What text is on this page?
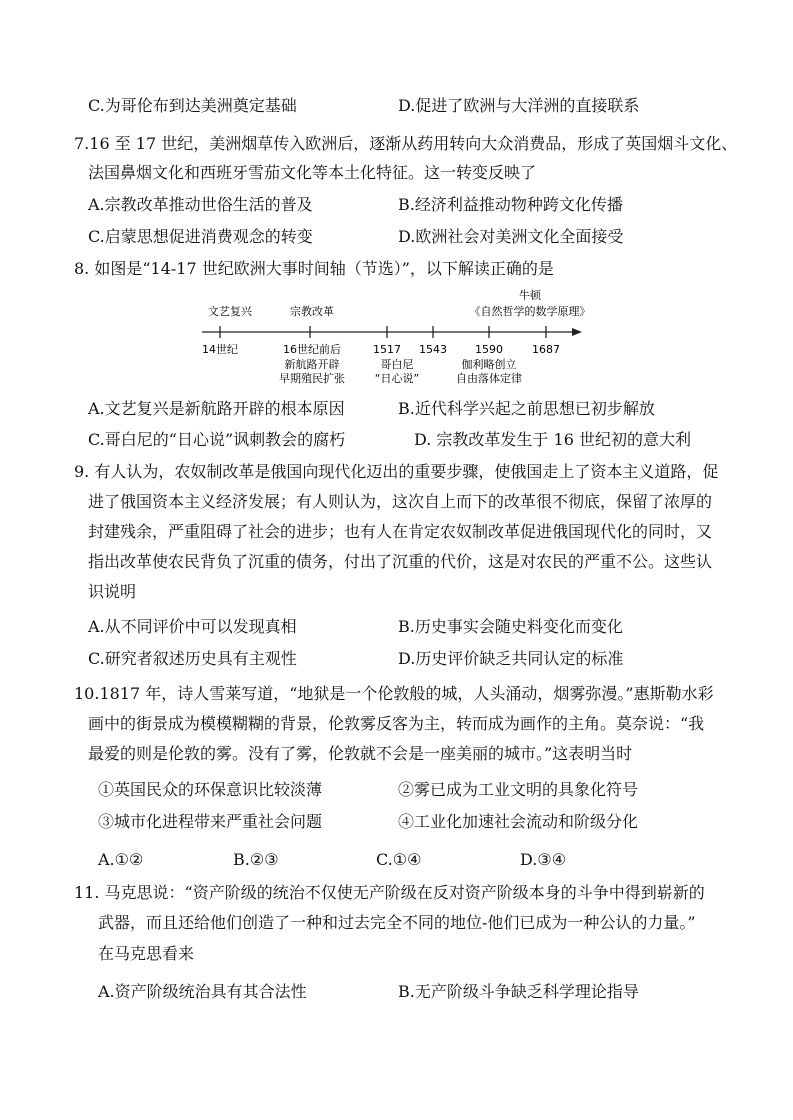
C.为哥伦布到达美洲奠定基础	D.促进了欧洲与大洋洲的直接联系
7.16 至 17 世纪，美洲烟草传入欧洲后，逐渐从药用转向大众消费品，形成了英国烟斗文化、
法国鼻烟文化和西班牙雪茄文化等本土化特征。这一转变反映了
A.宗教改革推动世俗生活的普及	B.经济利益推动物种跨文化传播
C.启蒙思想促进消费观念的转变	D.欧洲社会对美洲文化全面接受
8. 如图是“14-17 世纪欧洲大事时间轴（节选）”，以下解读正确的是
文艺复兴	宗教改革
牛顿
《自然哲学的数学原理》
14世纪	16世纪前后	1517 1543	1590	1687
新航路开辟
早期殖民扩张
哥白尼
“日心说”
伽利略创立
自由落体定律
A.文艺复兴是新航路开辟的根本原因	B.近代科学兴起之前思想已初步解放
C.哥白尼的“日心说”讽刺教会的腐朽	D. 宗教改革发生于 16 世纪初的意大利
9. 有人认为，农奴制改革是俄国向现代化迈出的重要步骤，使俄国走上了资本主义道路，促
进了俄国资本主义经济发展；有人则认为，这次自上而下的改革很不彻底，保留了浓厚的
封建残余，严重阻碍了社会的进步；也有人在肯定农奴制改革促进俄国现代化的同时，又
指出改革使农民背负了沉重的债务，付出了沉重的代价，这是对农民的严重不公。这些认
识说明
A.从不同评价中可以发现真相	B.历史事实会随史料变化而变化
C.研究者叙述历史具有主观性	D.历史评价缺乏共同认定的标准
10.1817 年，诗人雪莱写道，“地狱是一个伦敦般的城，人头涌动，烟雾弥漫。”惠斯勒水彩
画中的街景成为模模糊糊的背景，伦敦雾反客为主，转而成为画作的主角。莫奈说：“我
最爱的则是伦敦的雾。没有了雾，伦敦就不会是一座美丽的城市。”这表明当时
①英国民众的环保意识比较淡薄	②雾已成为工业文明的具象化符号
③城市化进程带来严重社会问题	④工业化加速社会流动和阶级分化
A.①②	B.②③	C.①④	D.③④
11. 马克思说：“资产阶级的统治不仅使无产阶级在反对资产阶级本身的斗争中得到崭新的
武器，而且还给他们创造了一种和过去完全不同的地位-他们已成为一种公认的力量。”
在马克思看来
A.资产阶级统治具有其合法性	B.无产阶级斗争缺乏科学理论指导
